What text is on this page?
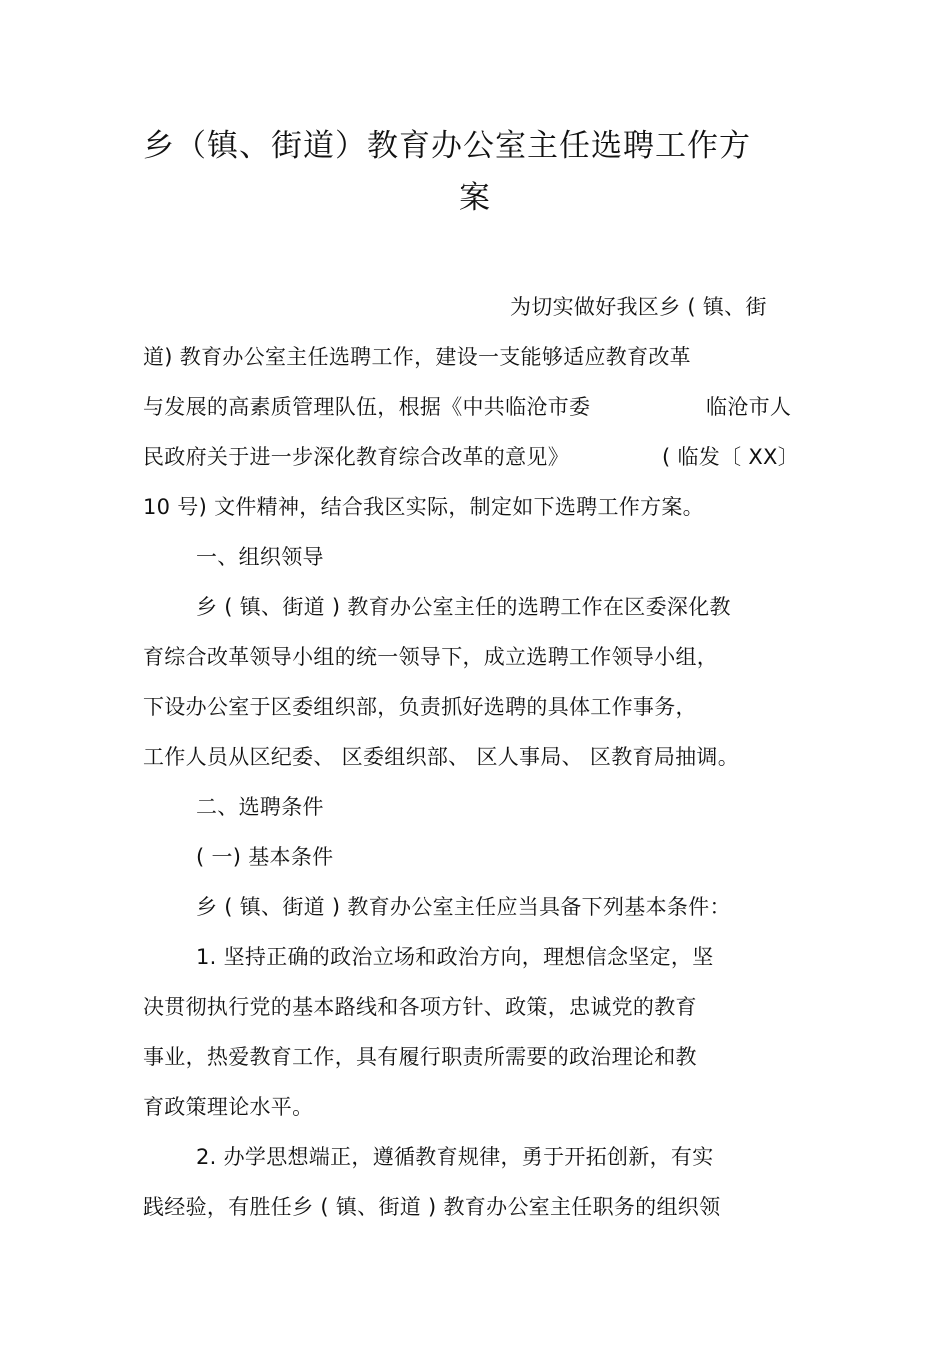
乡（镇、街道）教育办公室主任选聘工作方
案
为切实做好我区乡 ( 镇、街
道) 教育办公室主任选聘工作，建设一支能够适应教育改革
与发展的高素质管理队伍，根据《中共临沧市委	临沧市人
民政府关于进一步深化教育综合改革的意见》	( 临发〔 XX〕
10 号) 文件精神，结合我区实际，制定如下选聘工作方案。
一、组织领导
乡 ( 镇、街道 ) 教育办公室主任的选聘工作在区委深化教
育综合改革领导小组的统一领导下，成立选聘工作领导小组，
下设办公室于区委组织部，负责抓好选聘的具体工作事务，
工作人员从区纪委、 区委组织部、 区人事局、 区教育局抽调。
二、选聘条件
( 一) 基本条件
乡 ( 镇、街道 ) 教育办公室主任应当具备下列基本条件：
1. 坚持正确的政治立场和政治方向，理想信念坚定，坚
决贯彻执行党的基本路线和各项方针、政策，忠诚党的教育
事业，热爱教育工作，具有履行职责所需要的政治理论和教
育政策理论水平。
2. 办学思想端正，遵循教育规律，勇于开拓创新，有实
践经验，有胜任乡 ( 镇、街道 ) 教育办公室主任职务的组织领
